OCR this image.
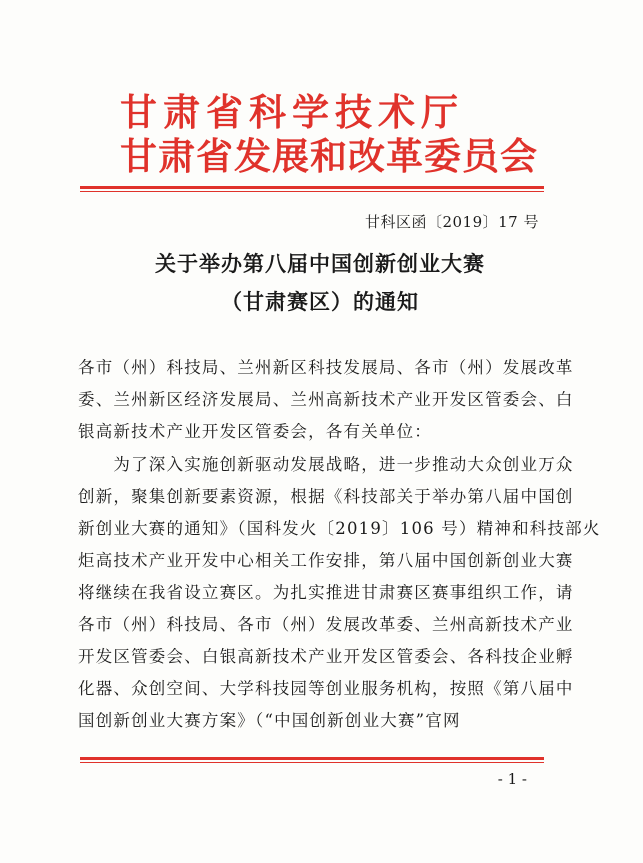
甘肃省科学技术厅
甘肃省发展和改革委员会
甘科区函〔2019〕17 号
关于举办第八届中国创新创业大赛
（甘肃赛区）的通知

各市（州）科技局、兰州新区科技发展局、各市（州）发展改革

委、兰州新区经济发展局、兰州高新技术产业开发区管委会、白

银高新技术产业开发区管委会，各有关单位：

　　为了深入实施创新驱动发展战略，进一步推动大众创业万众

创新，聚集创新要素资源，根据《科技部关于举办第八届中国创

新创业大赛的通知》（国科发火〔2019〕106 号）精神和科技部火

炬高技术产业开发中心相关工作安排，第八届中国创新创业大赛

将继续在我省设立赛区。为扎实推进甘肃赛区赛事组织工作，请

各市（州）科技局、各市（州）发展改革委、兰州高新技术产业

开发区管委会、白银高新技术产业开发区管委会、各科技企业孵

化器、众创空间、大学科技园等创业服务机构，按照《第八届中

国创新创业大赛方案》（“中国创新创业大赛”官网

- 1 -
